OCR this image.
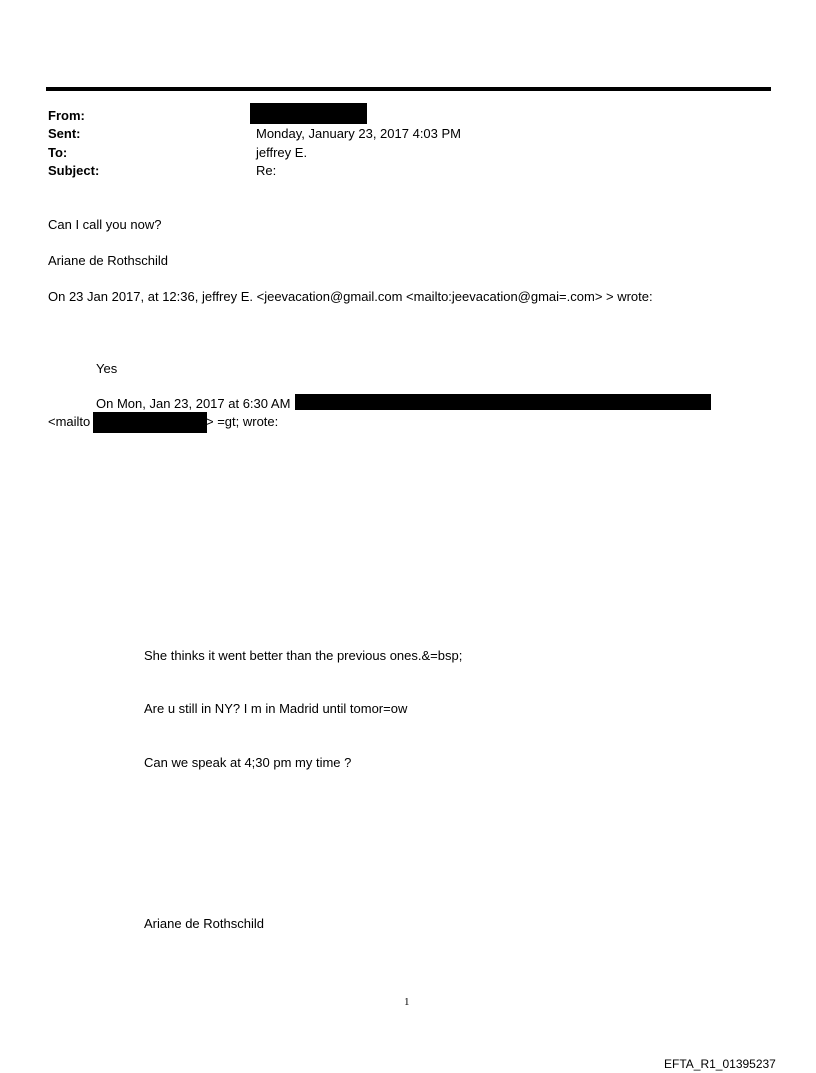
From:
Sent:	Monday, January 23, 2017 4:03 PM
To:	jeffrey E.
Subject:	Re:
Can I call you now?
Ariane de Rothschild
On 23 Jan 2017, at 12:36, jeffrey E. <jeevacation@gmail.com <mailto:jeevacation@gmai=.com> > wrote:
Yes
On Mon, Jan 23, 2017 at 6:30 AM
<mailto	> =gt; wrote:
She thinks it went better than the previous ones.&=bsp;
Are u still in NY? I m in Madrid until tomor=ow
Can we speak at 4;30 pm my time ?
Ariane de Rothschild
1
EFTA_R1_01395237
